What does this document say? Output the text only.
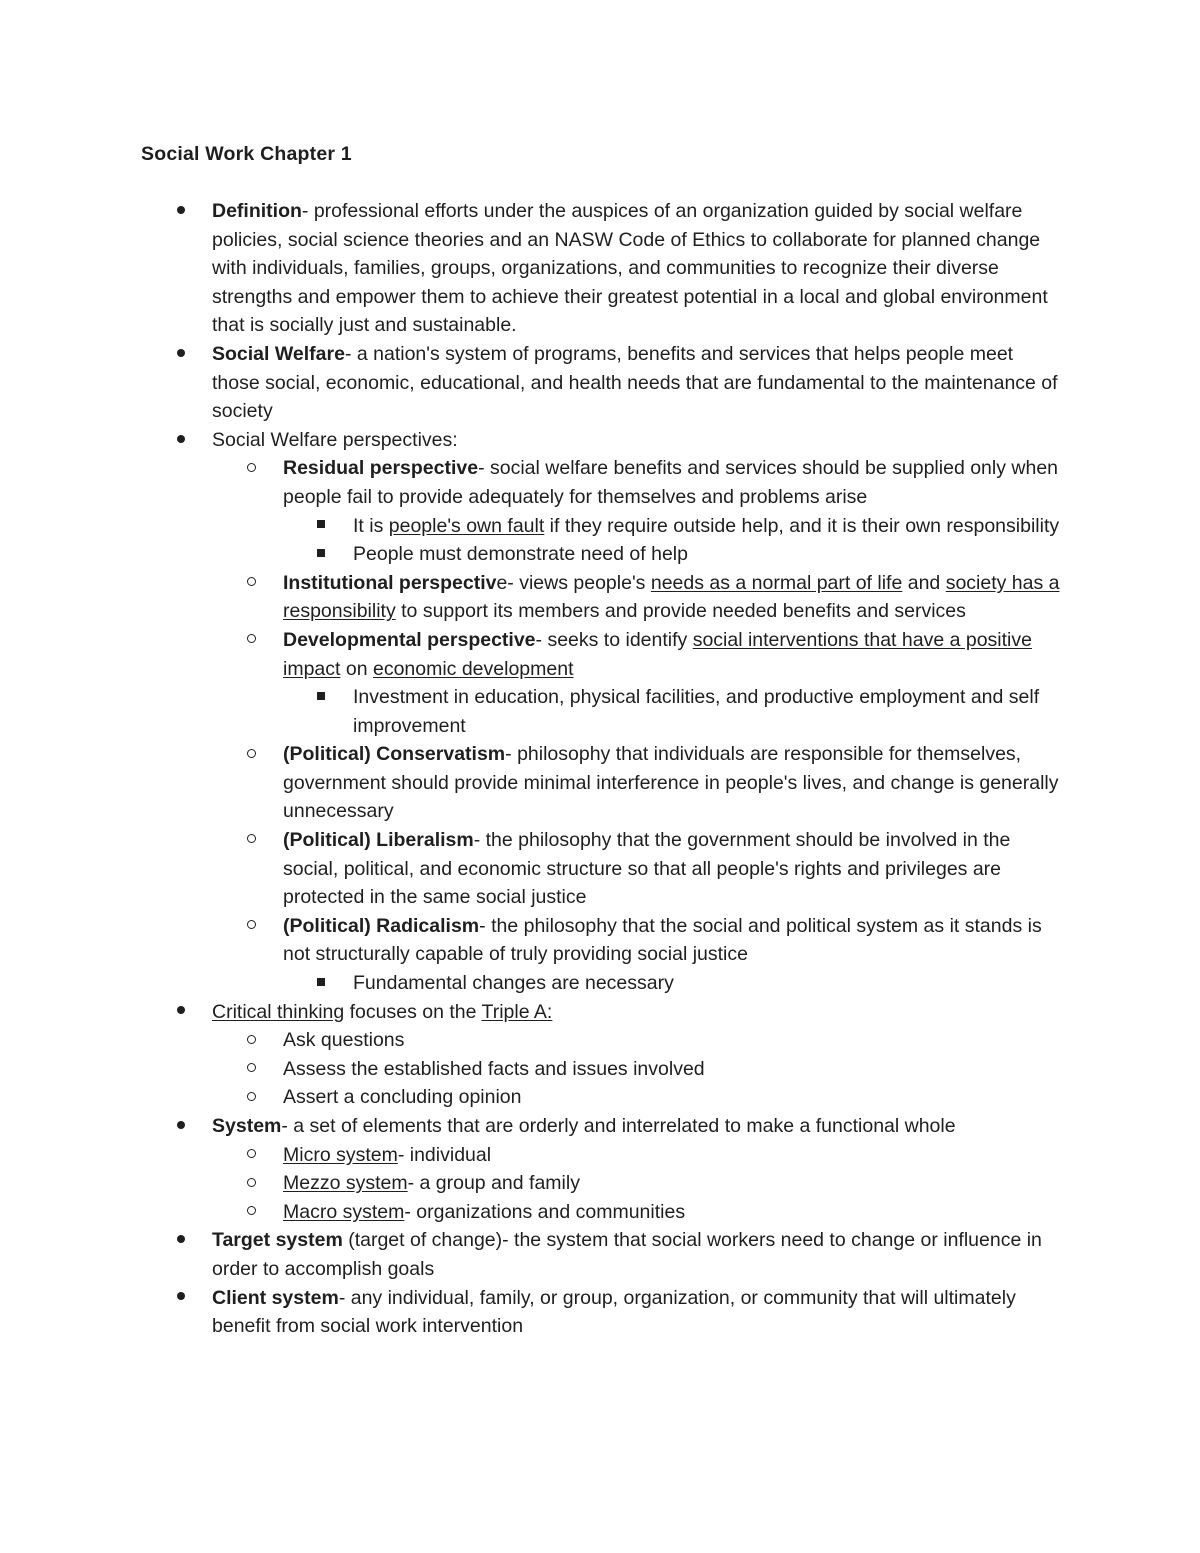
Social Work Chapter 1
Definition- professional efforts under the auspices of an organization guided by social welfare policies, social science theories and an NASW Code of Ethics to collaborate for planned change with individuals, families, groups, organizations, and communities to recognize their diverse strengths and empower them to achieve their greatest potential in a local and global environment that is socially just and sustainable.
Social Welfare- a nation's system of programs, benefits and services that helps people meet those social, economic, educational, and health needs that are fundamental to the maintenance of society
Social Welfare perspectives:
Residual perspective- social welfare benefits and services should be supplied only when people fail to provide adequately for themselves and problems arise
It is people's own fault if they require outside help, and it is their own responsibility
People must demonstrate need of help
Institutional perspective- views people's needs as a normal part of life and society has a responsibility to support its members and provide needed benefits and services
Developmental perspective- seeks to identify social interventions that have a positive impact on economic development
Investment in education, physical facilities, and productive employment and self improvement
(Political) Conservatism- philosophy that individuals are responsible for themselves, government should provide minimal interference in people's lives, and change is generally unnecessary
(Political) Liberalism- the philosophy that the government should be involved in the social, political, and economic structure so that all people's rights and privileges are protected in the same social justice
(Political) Radicalism- the philosophy that the social and political system as it stands is not structurally capable of truly providing social justice
Fundamental changes are necessary
Critical thinking focuses on the Triple A:
Ask questions
Assess the established facts and issues involved
Assert a concluding opinion
System- a set of elements that are orderly and interrelated to make a functional whole
Micro system- individual
Mezzo system- a group and family
Macro system- organizations and communities
Target system (target of change)- the system that social workers need to change or influence in order to accomplish goals
Client system- any individual, family, or group, organization, or community that will ultimately benefit from social work intervention
